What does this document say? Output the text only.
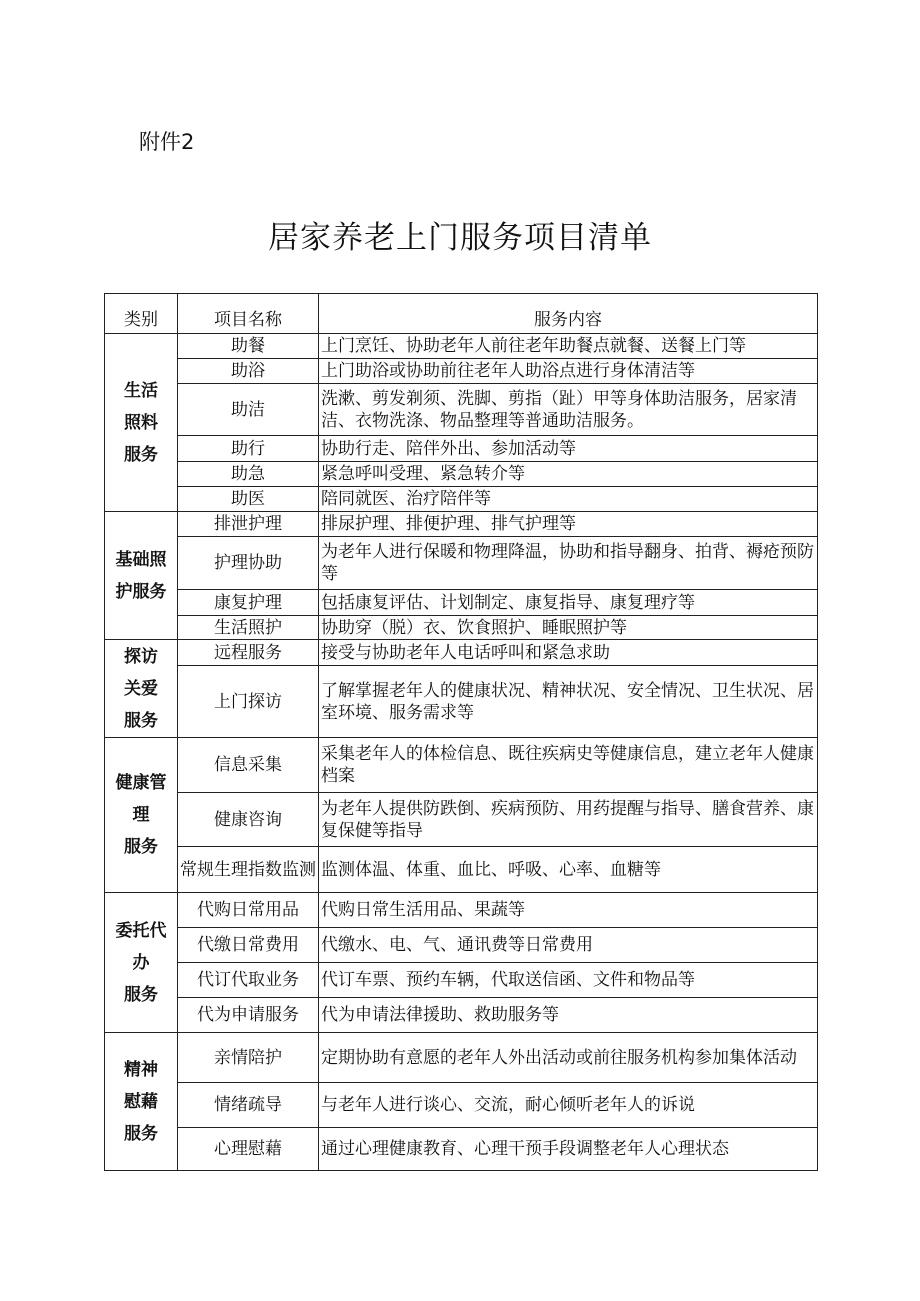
附件2
居家养老上门服务项目清单
类别	项目名称	服务内容

生活
照料
服务	助餐	上门烹饪、协助老年人前往老年助餐点就餐、送餐上门等
	助浴	上门助浴或协助前往老年人助浴点进行身体清洁等
	助洁	洗漱、剪发剃须、洗脚、剪指（趾）甲等身体助洁服务，居家清洁、衣物洗涤、物品整理等普通助洁服务。
	助行	协助行走、陪伴外出、参加活动等
	助急	紧急呼叫受理、紧急转介等
	助医	陪同就医、治疗陪伴等

基础照
护服务	排泄护理	排尿护理、排便护理、排气护理等
	护理协助	为老年人进行保暖和物理降温，协助和指导翻身、拍背、褥疮预防等
	康复护理	包括康复评估、计划制定、康复指导、康复理疗等
	生活照护	协助穿（脱）衣、饮食照护、睡眠照护等

探访
关爱
服务	远程服务	接受与协助老年人电话呼叫和紧急求助
	上门探访	了解掌握老年人的健康状况、精神状况、安全情况、卫生状况、居室环境、服务需求等

健康管
理
服务	信息采集	采集老年人的体检信息、既往疾病史等健康信息，建立老年人健康档案
	健康咨询	为老年人提供防跌倒、疾病预防、用药提醒与指导、膳食营养、康复保健等指导
	常规生理指数监测	监测体温、体重、血比、呼吸、心率、血糖等

委托代
办
服务	代购日常用品	代购日常生活用品、果蔬等
	代缴日常费用	代缴水、电、气、通讯费等日常费用
	代订代取业务	代订车票、预约车辆，代取送信函、文件和物品等
	代为申请服务	代为申请法律援助、救助服务等

精神
慰藉
服务	亲情陪护	定期协助有意愿的老年人外出活动或前往服务机构参加集体活动
	情绪疏导	与老年人进行谈心、交流，耐心倾听老年人的诉说
	心理慰藉	通过心理健康教育、心理干预手段调整老年人心理状态
